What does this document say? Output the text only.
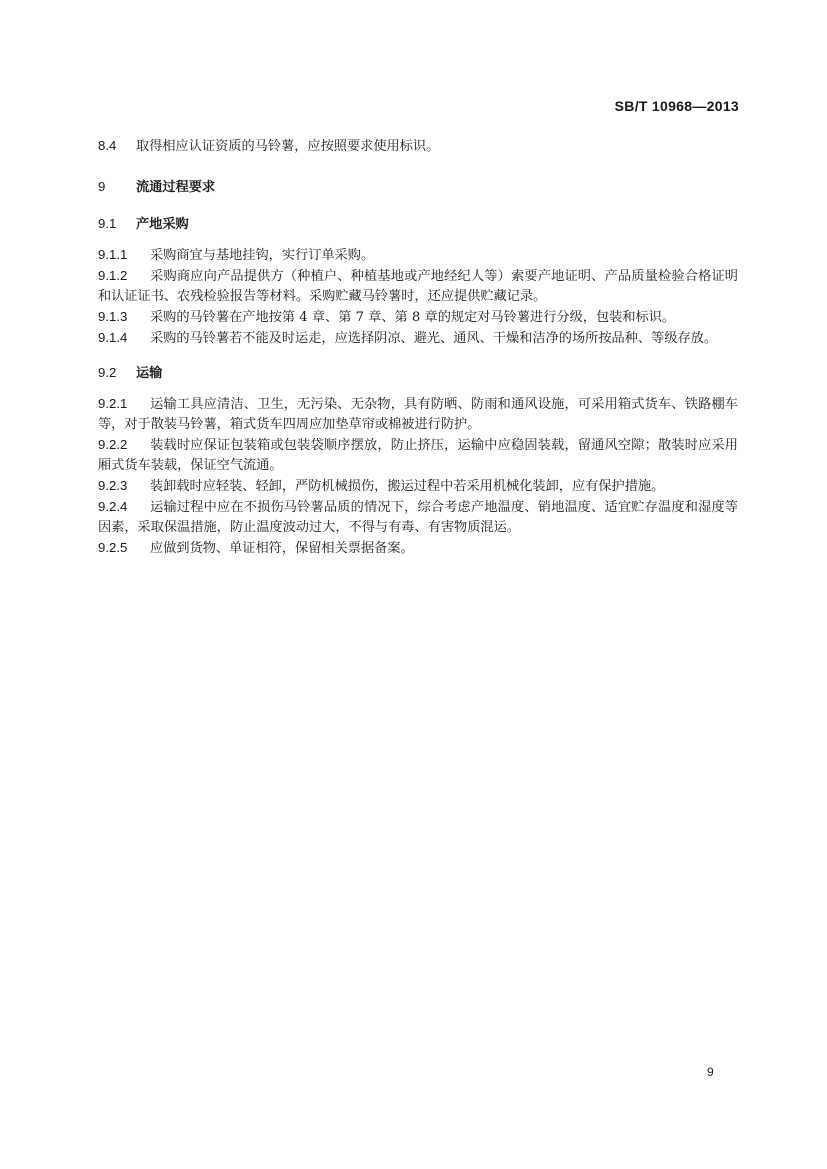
SB/T 10968—2013

8.4 取得相应认证资质的马铃薯，应按照要求使用标识。

9 流通过程要求

9.1 产地采购

9.1.1 采购商宜与基地挂钩，实行订单采购。

9.1.2 采购商应向产品提供方（种植户、种植基地或产地经纪人等）索要产地证明、产品质量检验合格证明和认证证书、农残检验报告等材料。采购贮藏马铃薯时，还应提供贮藏记录。

9.1.3 采购的马铃薯在产地按第 4 章、第 7 章、第 8 章的规定对马铃薯进行分级，包装和标识。

9.1.4 采购的马铃薯若不能及时运走，应选择阴凉、避光、通风、干燥和洁净的场所按品种、等级存放。

9.2 运输

9.2.1 运输工具应清洁、卫生，无污染、无杂物，具有防晒、防雨和通风设施，可采用箱式货车、铁路棚车等，对于散装马铃薯，箱式货车四周应加垫草帘或棉被进行防护。

9.2.2 装载时应保证包装箱或包装袋顺序摆放，防止挤压，运输中应稳固装载，留通风空隙；散装时应采用厢式货车装载，保证空气流通。

9.2.3 装卸载时应轻装、轻卸，严防机械损伤，搬运过程中若采用机械化装卸，应有保护措施。

9.2.4 运输过程中应在不损伤马铃薯品质的情况下，综合考虑产地温度、销地温度、适宜贮存温度和湿度等因素，采取保温措施，防止温度波动过大，不得与有毒、有害物质混运。

9.2.5 应做到货物、单证相符，保留相关票据备案。

9
